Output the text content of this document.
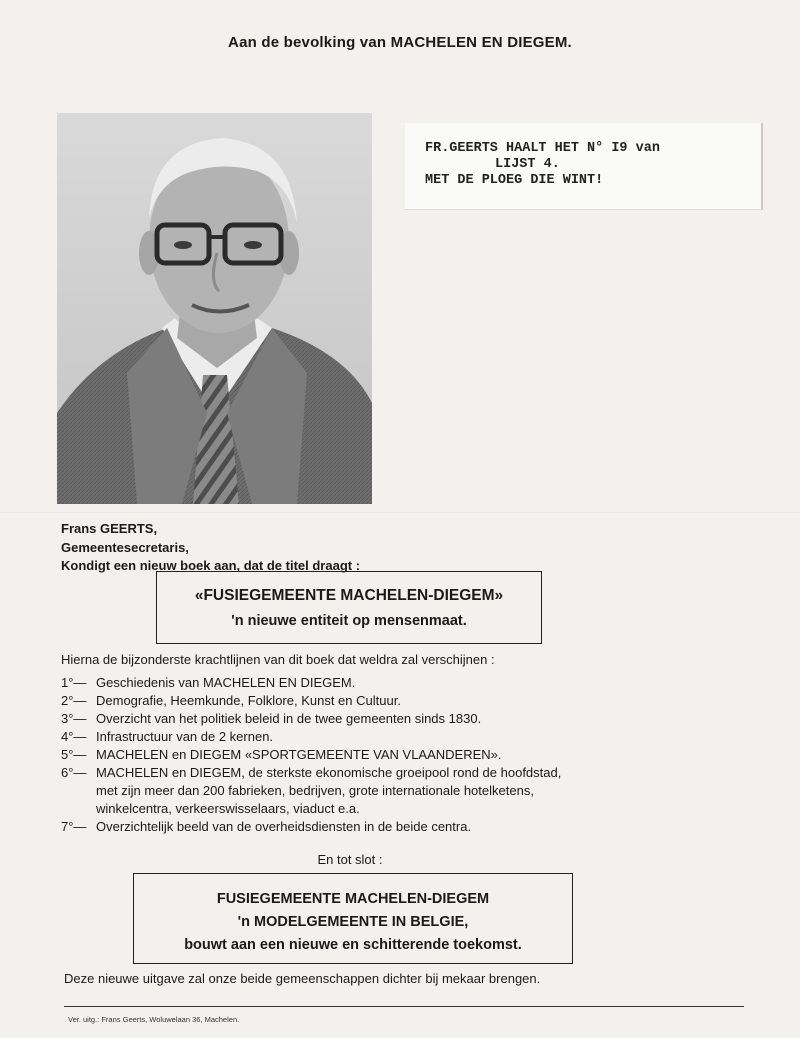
Aan de bevolking van MACHELEN EN DIEGEM.
FR.GEERTS HAALT HET N° I9 van
LIJST 4.
MET DE PLOEG DIE WINT!
Frans GEERTS,
Gemeentesecretaris,
Kondigt een nieuw boek aan, dat de titel draagt :
«FUSIEGEMEENTE MACHELEN-DIEGEM»
'n nieuwe entiteit op mensenmaat.
Hierna de bijzonderste krachtlijnen van dit boek dat weldra zal verschijnen :
1°— Geschiedenis van MACHELEN EN DIEGEM.
2°— Demografie, Heemkunde, Folklore, Kunst en Cultuur.
3°— Overzicht van het politiek beleid in de twee gemeenten sinds 1830.
4°— Infrastructuur van de 2 kernen.
5°— MACHELEN en DIEGEM «SPORTGEMEENTE VAN VLAANDEREN».
6°— MACHELEN en DIEGEM, de sterkste ekonomische groeipool rond de hoofdstad,
met zijn meer dan 200 fabrieken, bedrijven, grote internationale hotelketens,
winkelcentra, verkeerswisselaars, viaduct e.a.
7°— Overzichtelijk beeld van de overheidsdiensten in de beide centra.
En tot slot :
FUSIEGEMEENTE MACHELEN-DIEGEM
'n MODELGEMEENTE IN BELGIE,
bouwt aan een nieuwe en schitterende toekomst.
Deze nieuwe uitgave zal onze beide gemeenschappen dichter bij mekaar brengen.
Ver. uitg.: Frans Geerts, Woluwelaan 36, Machelen.
